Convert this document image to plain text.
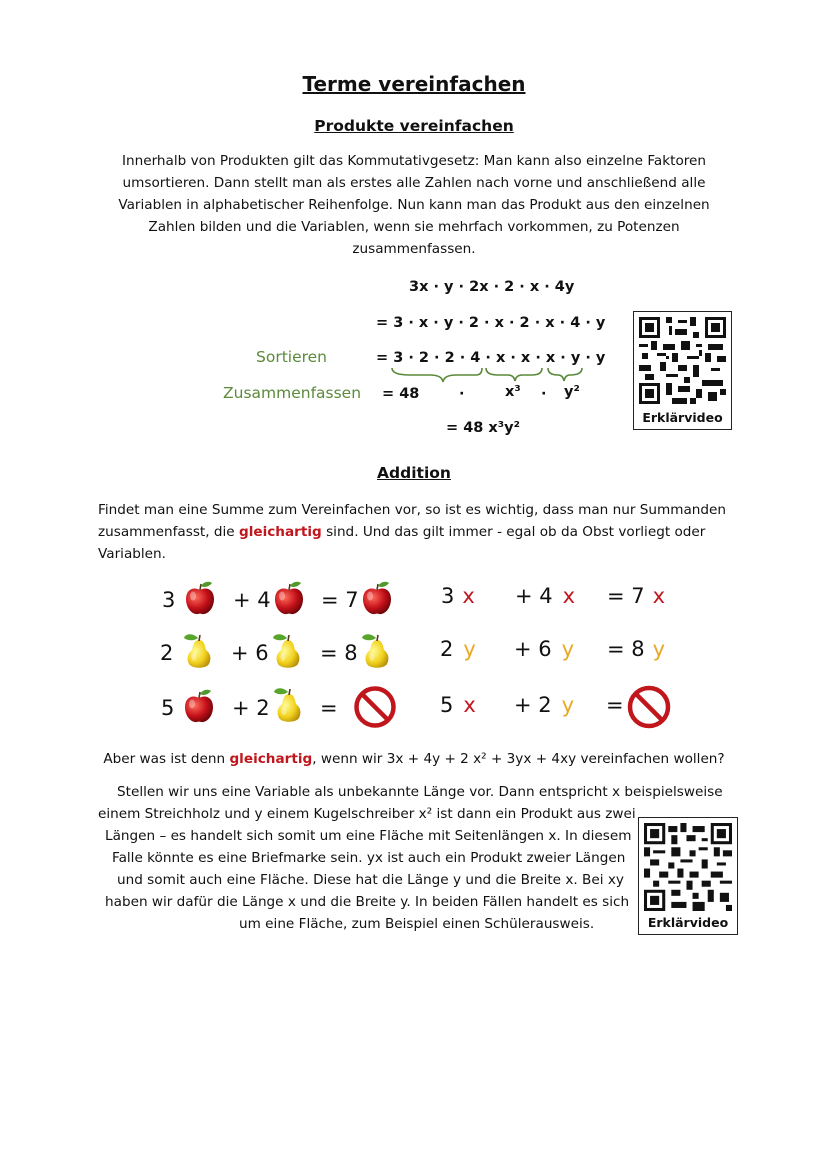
Terme vereinfachen
Produkte vereinfachen
Innerhalb von Produkten gilt das Kommutativgesetz: Man kann also einzelne Faktoren
umsortieren. Dann stellt man als erstes alle Zahlen nach vorne und anschließend alle
Variablen in alphabetischer Reihenfolge. Nun kann man das Produkt aus den einzelnen
Zahlen bilden und die Variablen, wenn sie mehrfach vorkommen, zu Potenzen
zusammenfassen.
3x · y · 2x · 2 · x · 4y
= 3 · x · y · 2 · x · 2 · x · 4 · y
Sortieren	= 3 · 2 · 2 · 4 · x · x · x · y · y
Zusammenfassen = 48	·	x³ · y²
= 48 x³y²
Erklärvideo
Addition
Findet man eine Summe zum Vereinfachen vor, so ist es wichtig, dass man nur Summanden
zusammenfasst, die gleichartig sind. Und das gilt immer - egal ob da Obst vorliegt oder
Variablen.
3	+ 4 = 7	3 x + 4 x = 7 x
2	+ 6 = 8	2 y + 6 y = 8 y
5	+ 2 =	5 x + 2 y =
Aber was ist denn gleichartig, wenn wir 3x + 4y + 2 x² + 3yx + 4xy vereinfachen wollen?
Stellen wir uns eine Variable als unbekannte Länge vor. Dann entspricht x beispielsweise
einem Streichholz und y einem Kugelschreiber x² ist dann ein Produkt aus zwei
Längen – es handelt sich somit um eine Fläche mit Seitenlängen x. In diesem
Falle könnte es eine Briefmarke sein. yx ist auch ein Produkt zweier Längen
und somit auch eine Fläche. Diese hat die Länge y und die Breite x. Bei xy
haben wir dafür die Länge x und die Breite y. In beiden Fällen handelt es sich
um eine Fläche, zum Beispiel einen Schülerausweis.	Erklärvideo
